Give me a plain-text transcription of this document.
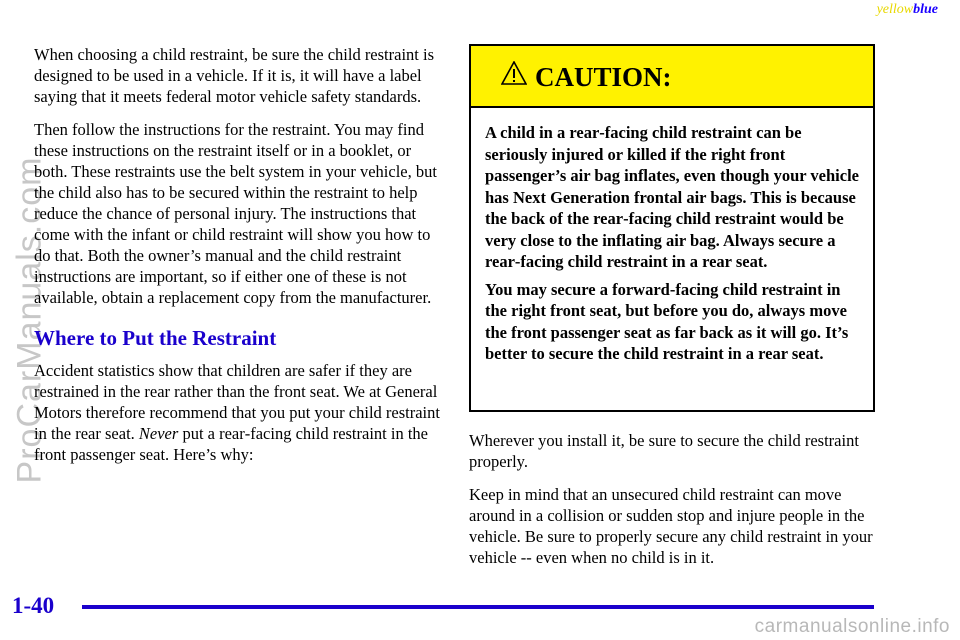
yellowblue
ProCarManuals.com

When choosing a child restraint, be sure the child restraint is designed to be used in a vehicle. If it is, it will have a label saying that it meets federal motor vehicle safety standards.

Then follow the instructions for the restraint. You may find these instructions on the restraint itself or in a booklet, or both. These restraints use the belt system in your vehicle, but the child also has to be secured within the restraint to help reduce the chance of personal injury. The instructions that come with the infant or child restraint will show you how to do that. Both the owner’s manual and the child restraint instructions are important, so if either one of these is not available, obtain a replacement copy from the manufacturer.

Where to Put the Restraint

Accident statistics show that children are safer if they are restrained in the rear rather than the front seat. We at General Motors therefore recommend that you put your child restraint in the rear seat. Never put a rear‐facing child restraint in the front passenger seat. Here’s why:

CAUTION:

A child in a rear‐facing child restraint can be seriously injured or killed if the right front passenger’s air bag inflates, even though your vehicle has Next Generation frontal air bags. This is because the back of the rear‐facing child restraint would be very close to the inflating air bag. Always secure a rear‐facing child restraint in a rear seat.

You may secure a forward‐facing child restraint in the right front seat, but before you do, always move the front passenger seat as far back as it will go. It’s better to secure the child restraint in a rear seat.

Wherever you install it, be sure to secure the child restraint properly.

Keep in mind that an unsecured child restraint can move around in a collision or sudden stop and injure people in the vehicle. Be sure to properly secure any child restraint in your vehicle ‐‐ even when no child is in it.

1-40
carmanualsonline.info
